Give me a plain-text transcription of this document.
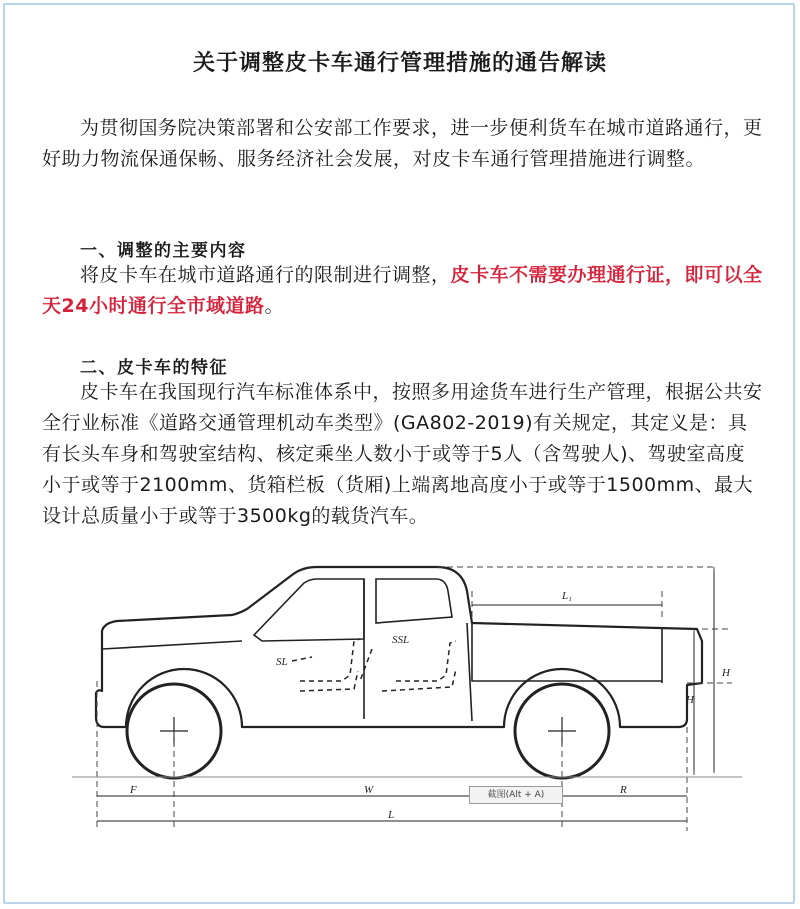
关于调整皮卡车通行管理措施的通告解读

为贯彻国务院决策部署和公安部工作要求，进一步便利货车在城市道路通行，更好助力物流保通保畅、服务经济社会发展，对皮卡车通行管理措施进行调整。

一、调整的主要内容

将皮卡车在城市道路通行的限制进行调整，皮卡车不需要办理通行证，即可以全天24小时通行全市域道路。

二、皮卡车的特征

皮卡车在我国现行汽车标准体系中，按照多用途货车进行生产管理，根据公共安全行业标准《道路交通管理机动车类型》(GA802-2019)有关规定，其定义是：具有长头车身和驾驶室结构、核定乘坐人数小于或等于5人（含驾驶人)、驾驶室高度小于或等于2100mm、货箱栏板（货厢)上端离地高度小于或等于1500mm、最大设计总质量小于或等于3500kg的载货汽车。

SL
SSL
L₁
H
H
F	W	R
L
截图(Alt + A)
